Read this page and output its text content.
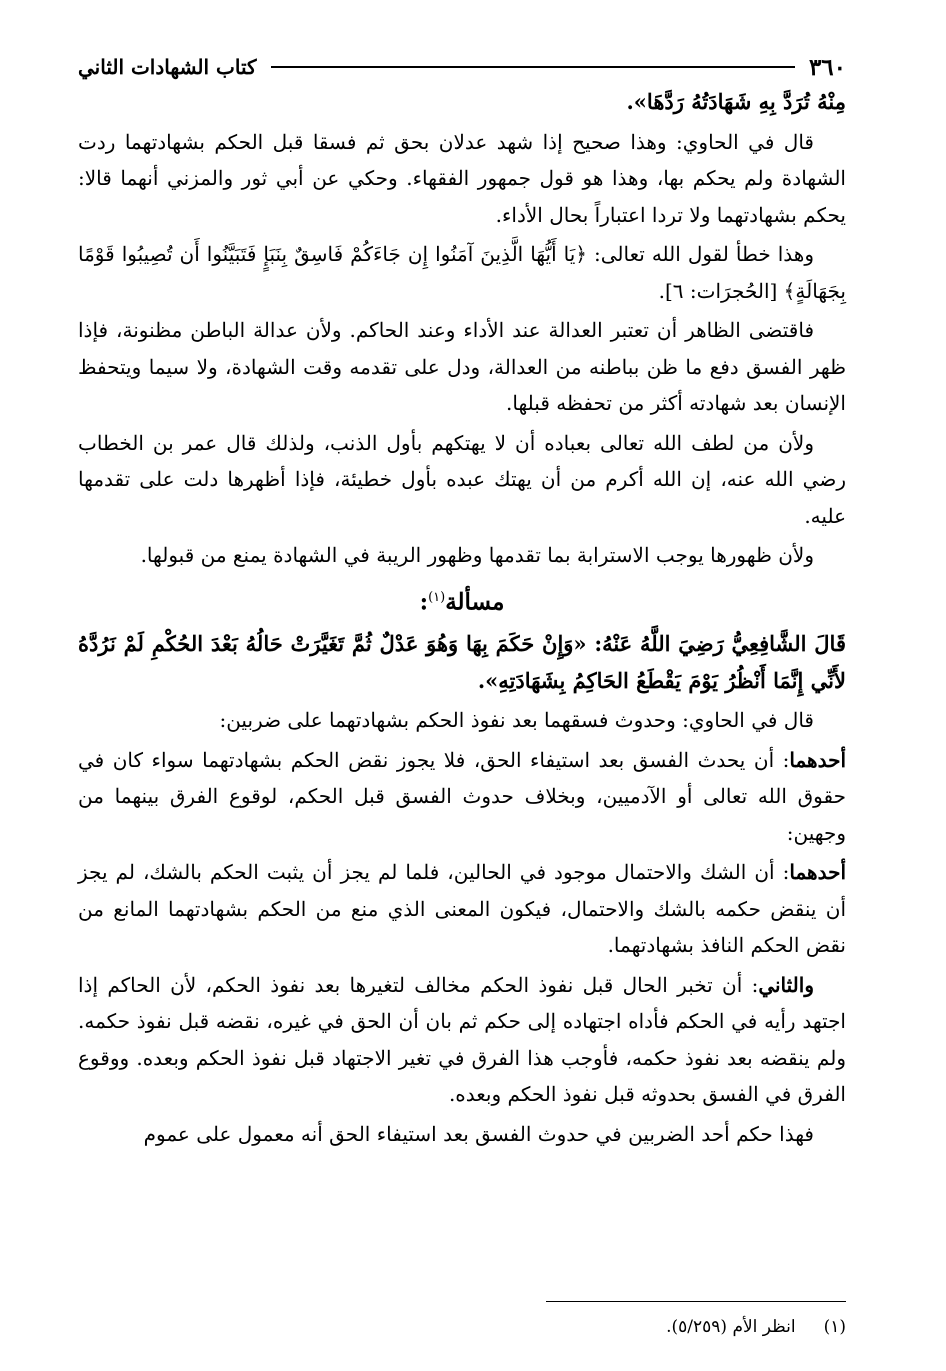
٣٦٠
كتاب الشهادات الثاني

مِنْهُ تُرَدَّ بِهِ شَهَادَتُهُ رَدَّهَا».

قال في الحاوي: وهذا صحيح إذا شهد عدلان بحق ثم فسقا قبل الحكم بشهادتهما ردت الشهادة ولم يحكم بها، وهذا هو قول جمهور الفقهاء. وحكي عن أبي ثور والمزني أنهما قالا: يحكم بشهادتهما ولا تردا اعتباراً بحال الأداء.

وهذا خطأ لقول الله تعالى: ﴿يَا أَيُّهَا الَّذِينَ آمَنُوا إِن جَاءَكُمْ فَاسِقٌ بِنَبَإٍ فَتَبَيَّنُوا أَن تُصِيبُوا قَوْمًا بِجَهَالَةٍ﴾ [الحُجرَات: ٦].

فاقتضى الظاهر أن تعتبر العدالة عند الأداء وعند الحاكم. ولأن عدالة الباطن مظنونة، فإذا ظهر الفسق دفع ما ظن بباطنه من العدالة، ودل على تقدمه وقت الشهادة، ولا سيما ويتحفظ الإنسان بعد شهادته أكثر من تحفظه قبلها.

ولأن من لطف الله تعالى بعباده أن لا يهتكهم بأول الذنب، ولذلك قال عمر بن الخطاب رضي الله عنه، إن الله أكرم من أن يهتك عبده بأول خطيئة، فإذا أظهرها دلت على تقدمها عليه.

ولأن ظهورها يوجب الاسترابة بما تقدمها وظهور الريبة في الشهادة يمنع من قبولها.

مسألة$^{(١)}$:

قَالَ الشَّافِعِيُّ رَضِيَ اللَّهُ عَنْهُ: «وَإِنْ حَكَمَ بِهَا وَهُوَ عَدْلٌ ثُمَّ تَغَيَّرَتْ حَالُهُ بَعْدَ الحُكْمِ لَمْ نَرُدَّهُ لأَنِّي إِنَّمَا أَنْظُرُ يَوْمَ يَقْطَعُ الحَاكِمُ بِشَهَادَتِهِ».

قال في الحاوي: وحدوث فسقهما بعد نفوذ الحكم بشهادتهما على ضربين:

أحدهما: أن يحدث الفسق بعد استيفاء الحق، فلا يجوز نقض الحكم بشهادتهما سواء كان في حقوق الله تعالى أو الآدميين، وبخلاف حدوث الفسق قبل الحكم، لوقوع الفرق بينهما من وجهين:

أحدهما: أن الشك والاحتمال موجود في الحالين، فلما لم يجز أن يثبت الحكم بالشك، لم يجز أن ينقض حكمه بالشك والاحتمال، فيكون المعنى الذي منع من الحكم بشهادتهما المانع من نقض الحكم النافذ بشهادتهما.

والثاني: أن تخبر الحال قبل نفوذ الحكم مخالف لتغيرها بعد نفوذ الحكم، لأن الحاكم إذا اجتهد رأيه في الحكم فأداه اجتهاده إلى حكم ثم بان أن الحق في غيره، نقضه قبل نفوذ حكمه. ولم ينقضه بعد نفوذ حكمه، فأوجب هذا الفرق في تغير الاجتهاد قبل نفوذ الحكم وبعده. ووقوع الفرق في الفسق بحدوثه قبل نفوذ الحكم وبعده.

فهذا حكم أحد الضربين في حدوث الفسق بعد استيفاء الحق أنه معمول على عموم

(١)
انظر الأم (٥/٢٥٩).
